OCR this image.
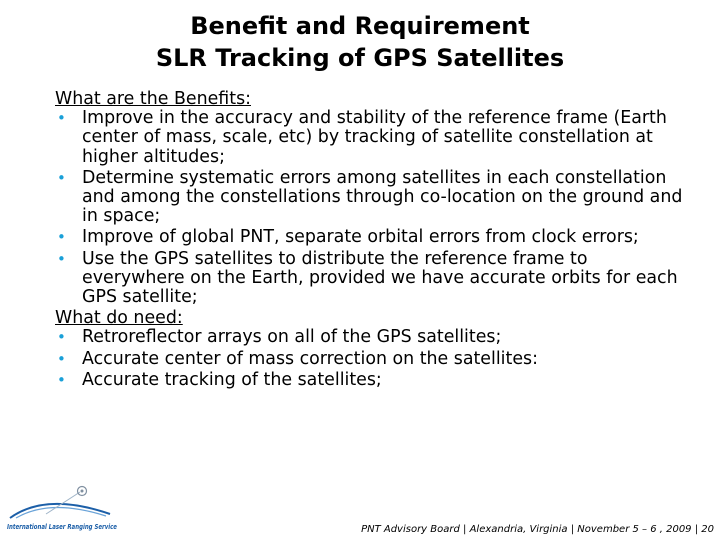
Benefit and Requirement
SLR Tracking of GPS Satellites
What are the Benefits:
• Improve in the accuracy and stability of the reference frame (Earth center of mass, scale, etc) by tracking of satellite constellation at higher altitudes;
• Determine systematic errors among satellites in each constellation and among the constellations through co-location on the ground and in space;
• Improve of global PNT, separate orbital errors from clock errors;
• Use the GPS satellites to distribute the reference frame to everywhere on the Earth, provided we have accurate orbits for each GPS satellite;
What do need:
• Retroreflector arrays on all of the GPS satellites;
• Accurate center of mass correction on the satellites:
• Accurate tracking of the satellites;
International Laser Ranging Service	PNT Advisory Board | Alexandria, Virginia | November 5 – 6 , 2009 | 20
